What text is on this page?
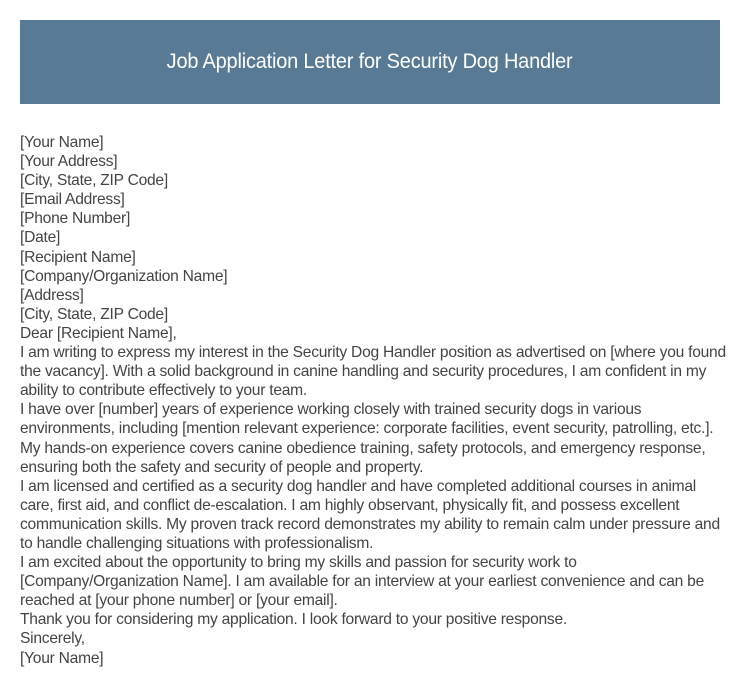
Job Application Letter for Security Dog Handler

[Your Name]

[Your Address]

[City, State, ZIP Code]

[Email Address]

[Phone Number]

[Date]

[Recipient Name]

[Company/Organization Name]

[Address]

[City, State, ZIP Code]

Dear [Recipient Name],

I am writing to express my interest in the Security Dog Handler position as advertised on [where you found the vacancy]. With a solid background in canine handling and security procedures, I am confident in my ability to contribute effectively to your team.

I have over [number] years of experience working closely with trained security dogs in various environments, including [mention relevant experience: corporate facilities, event security, patrolling, etc.]. My hands-on experience covers canine obedience training, safety protocols, and emergency response, ensuring both the safety and security of people and property.

I am licensed and certified as a security dog handler and have completed additional courses in animal care, first aid, and conflict de-escalation. I am highly observant, physically fit, and possess excellent communication skills. My proven track record demonstrates my ability to remain calm under pressure and to handle challenging situations with professionalism.

I am excited about the opportunity to bring my skills and passion for security work to [Company/Organization Name]. I am available for an interview at your earliest convenience and can be reached at [your phone number] or [your email].

Thank you for considering my application. I look forward to your positive response.

Sincerely,

[Your Name]
